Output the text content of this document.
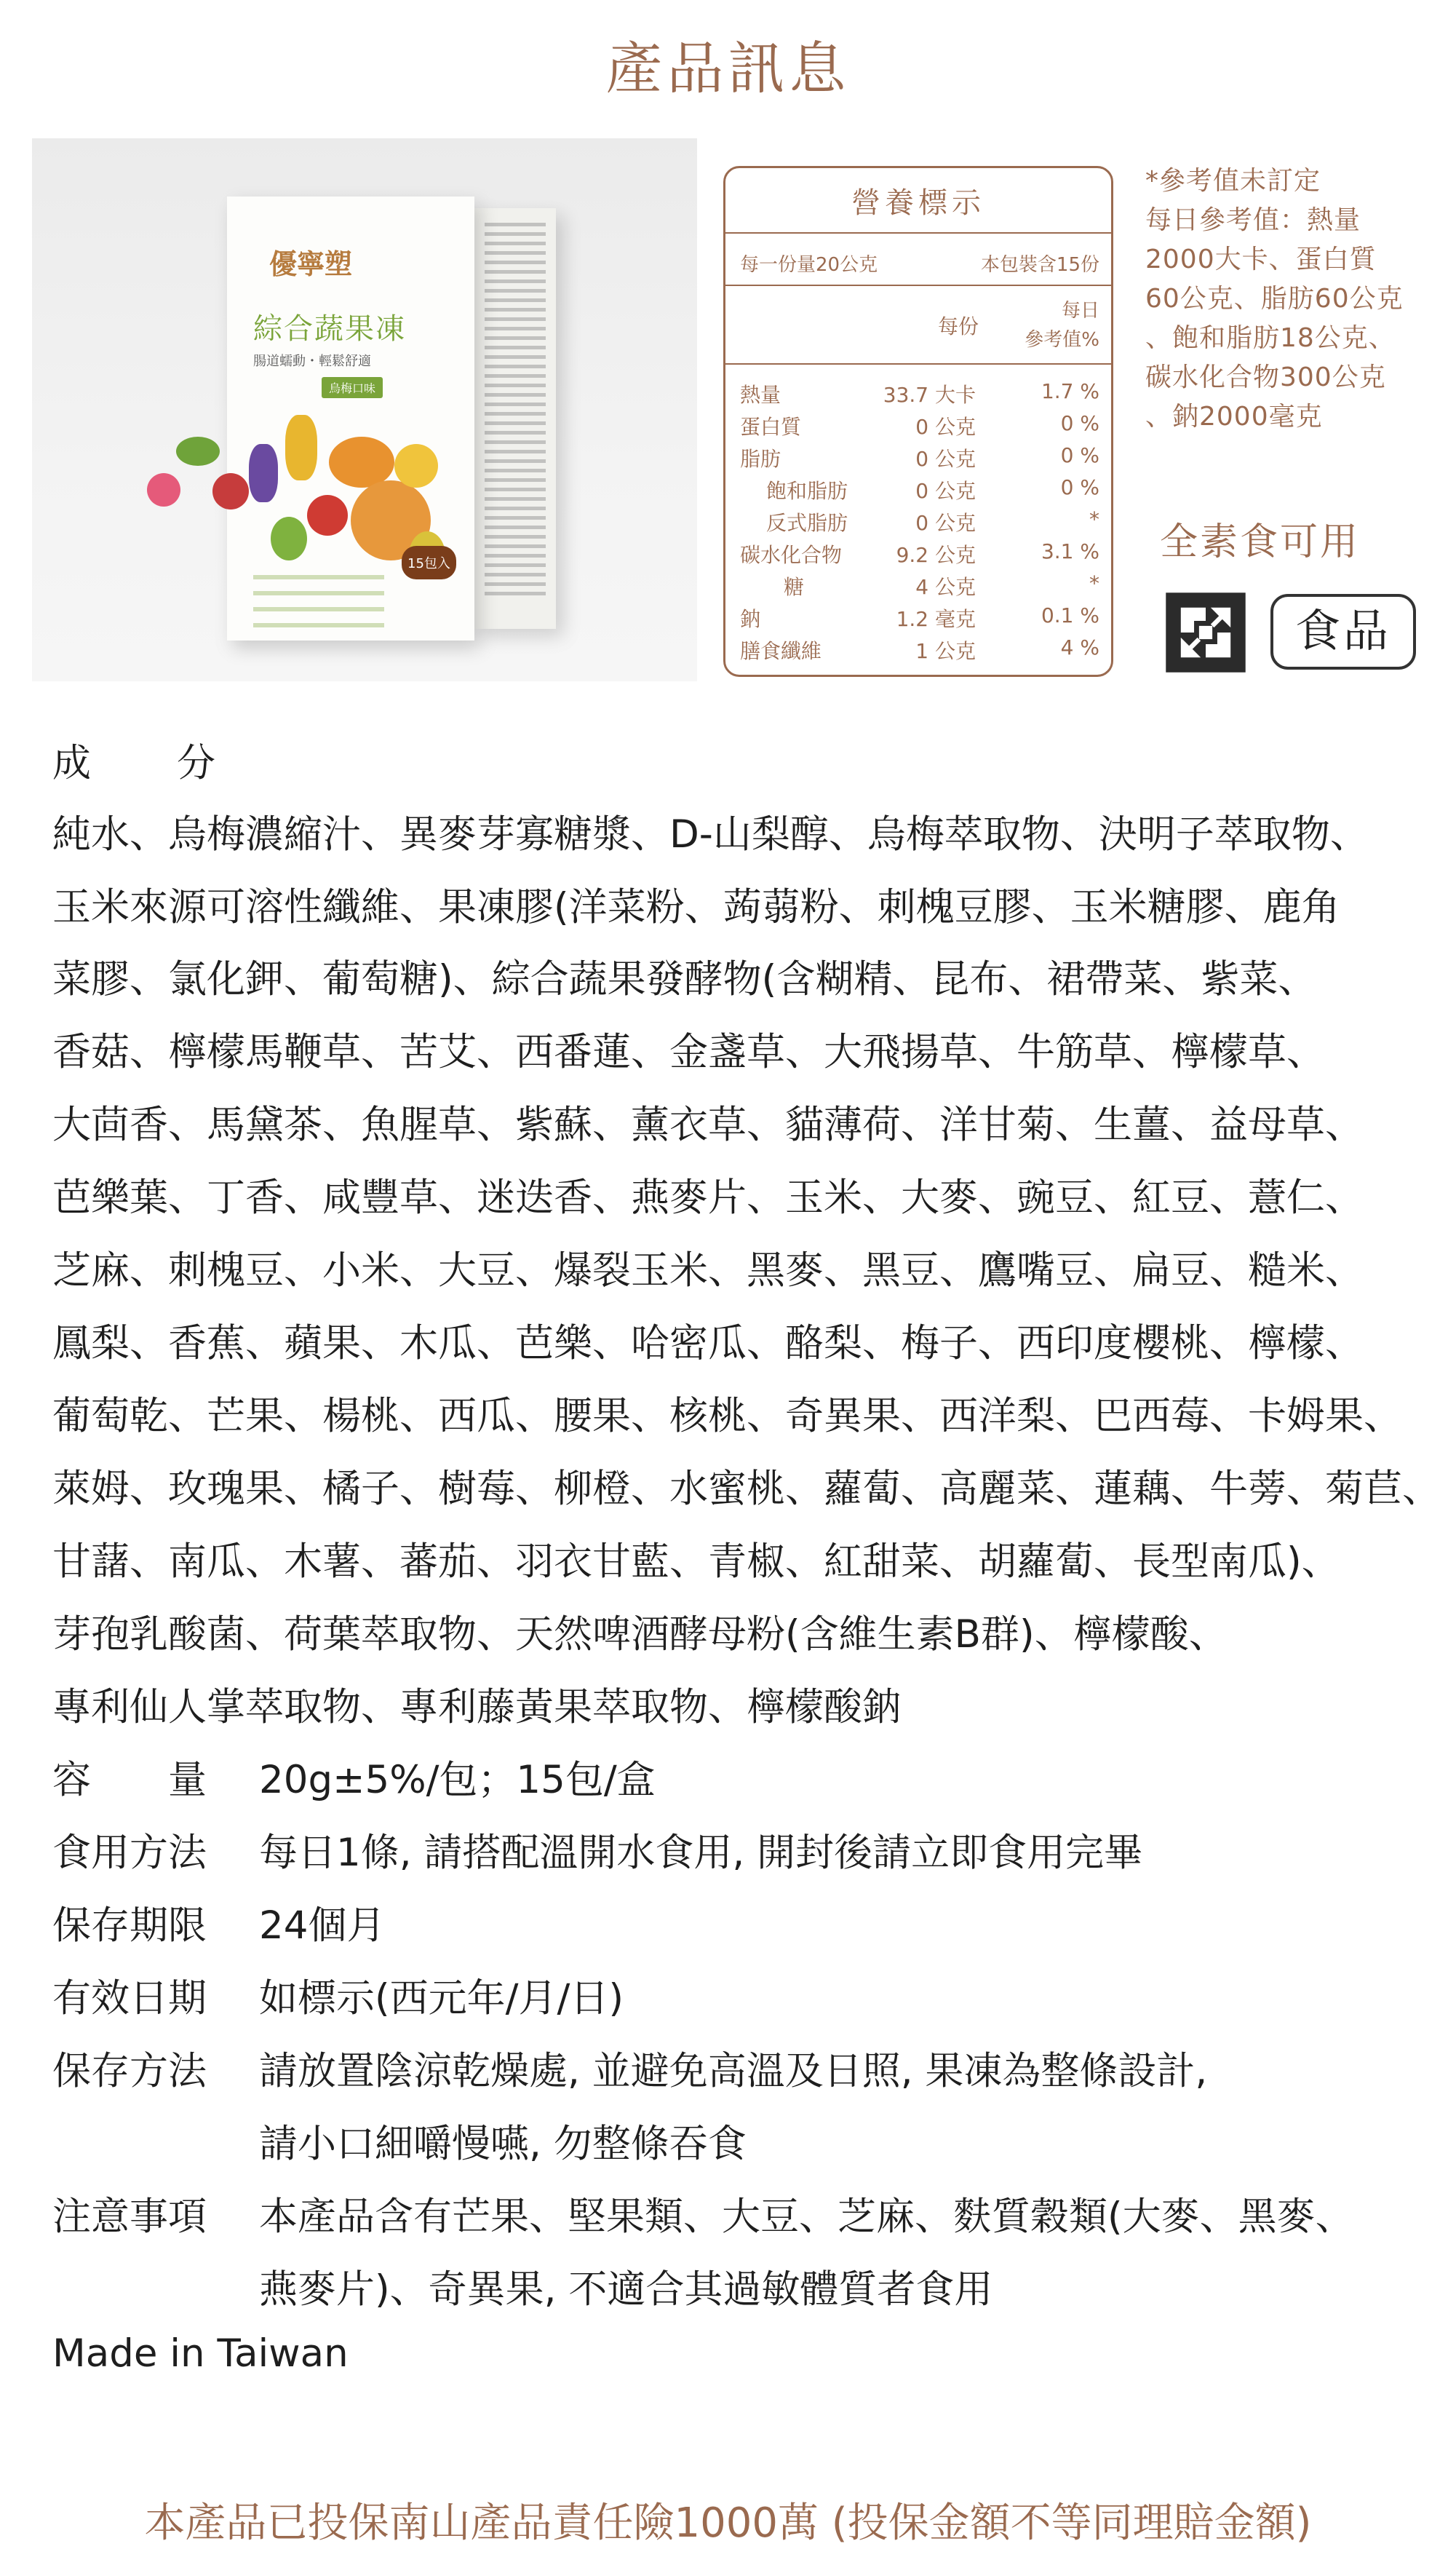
產品訊息
優寧塑
綜合蔬果凍
腸道蠕動・輕鬆舒適
烏梅口味
15包入
營養標示
每一份量20公克	本包裝含15份
每份
每日
參考值%
熱量	33.7 大卡	1.7 %
蛋白質	0 公克	0 %
脂肪	0 公克	0 %
飽和脂肪	0 公克	0 %
反式脂肪	0 公克	*
碳水化合物	9.2 公克	3.1 %
糖	4 公克	*
鈉	1.2 毫克	0.1 %
膳食纖維	1 公克	4 %
*參考值未訂定
每日參考值：熱量
2000大卡、蛋白質
60公克、脂肪60公克
、飽和脂肪18公克、
碳水化合物300公克
、鈉2000毫克
全素食可用
食品
成 分
純水、烏梅濃縮汁、異麥芽寡糖漿、D-山梨醇、烏梅萃取物、決明子萃取物、
玉米來源可溶性纖維、果凍膠(洋菜粉、蒟蒻粉、刺槐豆膠、玉米糖膠、鹿角
菜膠、氯化鉀、葡萄糖)、綜合蔬果發酵物(含糊精、昆布、裙帶菜、紫菜、
香菇、檸檬馬鞭草、苦艾、西番蓮、金盞草、大飛揚草、牛筋草、檸檬草、
大茴香、馬黛茶、魚腥草、紫蘇、薰衣草、貓薄荷、洋甘菊、生薑、益母草、
芭樂葉、丁香、咸豐草、迷迭香、燕麥片、玉米、大麥、豌豆、紅豆、薏仁、
芝麻、刺槐豆、小米、大豆、爆裂玉米、黑麥、黑豆、鷹嘴豆、扁豆、糙米、
鳳梨、香蕉、蘋果、木瓜、芭樂、哈密瓜、酪梨、梅子、西印度櫻桃、檸檬、
葡萄乾、芒果、楊桃、西瓜、腰果、核桃、奇異果、西洋梨、巴西莓、卡姆果、
萊姆、玫瑰果、橘子、樹莓、柳橙、水蜜桃、蘿蔔、高麗菜、蓮藕、牛蒡、菊苣、
甘藷、南瓜、木薯、蕃茄、羽衣甘藍、青椒、紅甜菜、胡蘿蔔、長型南瓜)、
芽孢乳酸菌、荷葉萃取物、天然啤酒酵母粉(含維生素B群)、檸檬酸、
專利仙人掌萃取物、專利藤黃果萃取物、檸檬酸鈉
容　　量 20g±5%/包；15包/盒
食用方法 每日1條, 請搭配溫開水食用, 開封後請立即食用完畢
保存期限 24個月
有效日期 如標示(西元年/月/日)
保存方法 請放置陰涼乾燥處, 並避免高溫及日照, 果凍為整條設計,
請小口細嚼慢嚥, 勿整條吞食
注意事項 本產品含有芒果、堅果類、大豆、芝麻、麩質穀類(大麥、黑麥、
燕麥片)、奇異果, 不適合其過敏體質者食用
Made in Taiwan
本產品已投保南山產品責任險1000萬 (投保金額不等同理賠金額)
